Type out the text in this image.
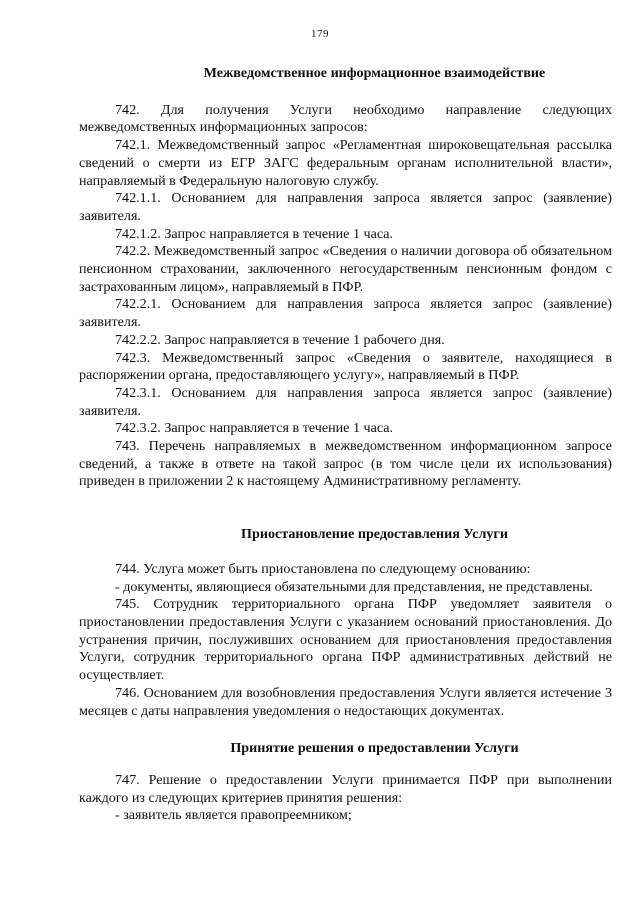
179
Межведомственное информационное взаимодействие

742. Для получения Услуги необходимо направление следующих межведомственных информационных запросов:

742.1. Межведомственный запрос «Регламентная широковещательная рассылка сведений о смерти из ЕГР ЗАГС федеральным органам исполнительной власти», направляемый в Федеральную налоговую службу.

742.1.1. Основанием для направления запроса является запрос (заявление) заявителя.

742.1.2. Запрос направляется в течение 1 часа.

742.2. Межведомственный запрос «Сведения о наличии договора об обязательном пенсионном страховании, заключенного негосударственным пенсионным фондом с застрахованным лицом», направляемый в ПФР.

742.2.1. Основанием для направления запроса является запрос (заявление) заявителя.

742.2.2. Запрос направляется в течение 1 рабочего дня.

742.3. Межведомственный запрос «Сведения о заявителе, находящиеся в распоряжении органа, предоставляющего услугу», направляемый в ПФР.

742.3.1. Основанием для направления запроса является запрос (заявление) заявителя.

742.3.2. Запрос направляется в течение 1 часа.

743. Перечень направляемых в межведомственном информационном запросе сведений, а также в ответе на такой запрос (в том числе цели их использования) приведен в приложении 2 к настоящему Административному регламенту.

Приостановление предоставления Услуги

744. Услуга может быть приостановлена по следующему основанию:

- документы, являющиеся обязательными для представления, не представлены.

745. Сотрудник территориального органа ПФР уведомляет заявителя о приостановлении предоставления Услуги с указанием оснований приостановления. До устранения причин, послуживших основанием для приостановления предоставления Услуги, сотрудник территориального органа ПФР административных действий не осуществляет.

746. Основанием для возобновления предоставления Услуги является истечение 3 месяцев с даты направления уведомления о недостающих документах.

Принятие решения о предоставлении Услуги

747. Решение о предоставлении Услуги принимается ПФР при выполнении каждого из следующих критериев принятия решения:

- заявитель является правопреемником;
